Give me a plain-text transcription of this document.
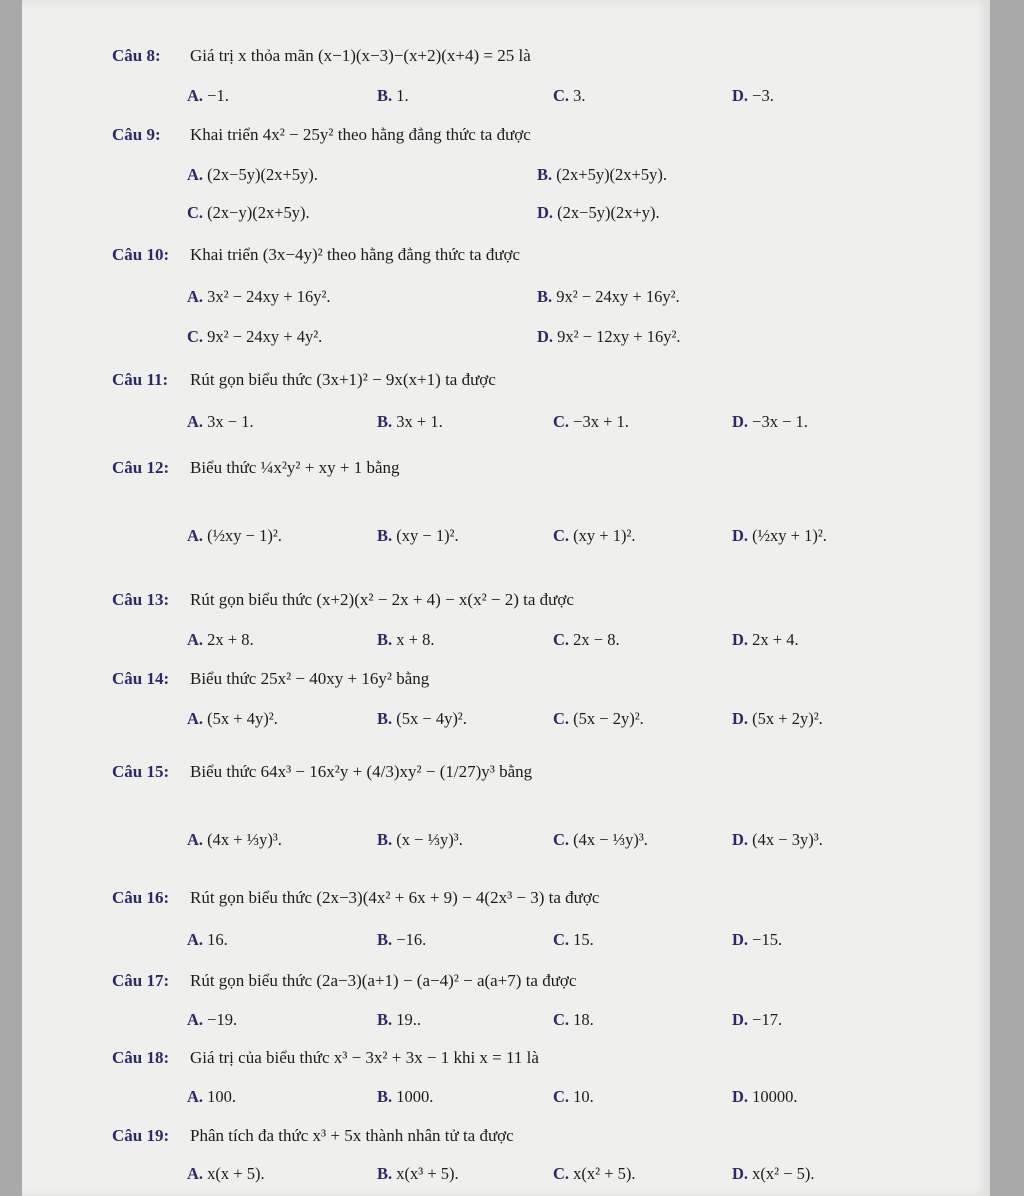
Câu 8: Giá trị x thỏa mãn (x−1)(x−3)−(x+2)(x+4) = 25 là
A. −1.	B. 1.	C. 3.	D. −3.
Câu 9: Khai triển 4x² − 25y² theo hằng đẳng thức ta được
A. (2x−5y)(2x+5y).	B. (2x+5y)(2x+5y).
C. (2x−y)(2x+5y).	D. (2x−5y)(2x+y).
Câu 10: Khai triển (3x−4y)² theo hằng đẳng thức ta được
A. 3x² − 24xy + 16y².	B. 9x² − 24xy + 16y².
C. 9x² − 24xy + 4y².	D. 9x² − 12xy + 16y².
Câu 11: Rút gọn biểu thức (3x+1)² − 9x(x+1) ta được
A. 3x − 1.	B. 3x + 1.	C. −3x + 1.	D. −3x − 1.
Câu 12: Biểu thức ¼x²y² + xy + 1 bằng
A. (½xy − 1)².	B. (xy − 1)².	C. (xy + 1)².	D. (½xy + 1)².
Câu 13: Rút gọn biểu thức (x+2)(x² − 2x + 4) − x(x² − 2) ta được
A. 2x + 8.	B. x + 8.	C. 2x − 8.	D. 2x + 4.
Câu 14: Biểu thức 25x² − 40xy + 16y² bằng
A. (5x + 4y)².	B. (5x − 4y)².	C. (5x − 2y)².	D. (5x + 2y)².
Câu 15: Biểu thức 64x³ − 16x²y + (4/3)xy² − (1/27)y³ bằng
A. (4x + ⅓y)³.	B. (x − ⅓y)³.	C. (4x − ⅓y)³.	D. (4x − 3y)³.
Câu 16: Rút gọn biểu thức (2x−3)(4x² + 6x + 9) − 4(2x³ − 3) ta được
A. 16.	B. −16.	C. 15.	D. −15.
Câu 17: Rút gọn biểu thức (2a−3)(a+1) − (a−4)² − a(a+7) ta được
A. −19.	B. 19..	C. 18.	D. −17.
Câu 18: Giá trị của biểu thức x³ − 3x² + 3x − 1 khi x = 11 là
A. 100.	B. 1000.	C. 10.	D. 10000.
Câu 19: Phân tích đa thức x³ + 5x thành nhân tử ta được
A. x(x + 5).	B. x(x³ + 5).	C. x(x² + 5).	D. x(x² − 5).
